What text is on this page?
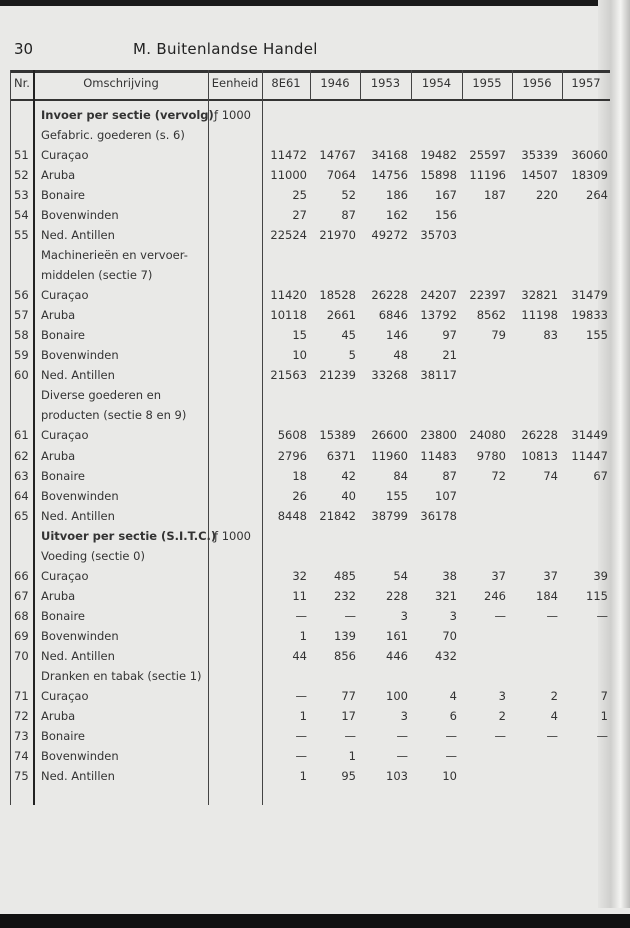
30	M. Buitenlandse Handel
Nr.	Omschrijving	Eenheid	8E61	1946	1953	1954	1955	1956	1957
Invoer per sectie (vervolg) ƒ 1000
Gefabric. goederen (s. 6)
51 Curaçao	11472	14767	34168	19482	25597	35339	36060
52 Aruba	11000	7064	14756	15898	11196	14507	18309
53 Bonaire	25	52	186	167	187	220	264
54 Bovenwinden	27	87	162	156
55 Ned. Antillen	22524	21970	49272	35703
Machinerieën en vervoer-
middelen (sectie 7)
56 Curaçao	11420	18528	26228	24207	22397	32821	31479
57 Aruba	10118	2661	6846	13792	8562	11198	19833
58 Bonaire	15	45	146	97	79	83	155
59 Bovenwinden	10	5	48	21
60 Ned. Antillen	21563	21239	33268	38117
Diverse goederen en
producten (sectie 8 en 9)
61 Curaçao	5608	15389	26600	23800	24080	26228	31449
62 Aruba	2796	6371	11960	11483	9780	10813	11447
63 Bonaire	18	42	84	87	72	74	67
64 Bovenwinden	26	40	155	107
65 Ned. Antillen	8448	21842	38799	36178
Uitvoer per sectie (S.I.T.C.)
ƒ 1000
Voeding (sectie 0)
66 Curaçao	32	485	54	38	37	37	39
67 Aruba	11	232	228	321	246	184	115
68 Bonaire	—	—	3	3	—	—	—
69 Bovenwinden	1	139	161	70
70 Ned. Antillen	44	856	446	432
Dranken en tabak (sectie 1)
71 Curaçao	—	77	100	4	3	2	7
72 Aruba	1	17	3	6	2	4	1
73 Bonaire	—	—	—	—	—	—	—
74 Bovenwinden	—	1	—	—
75 Ned. Antillen	1	95	103	10
